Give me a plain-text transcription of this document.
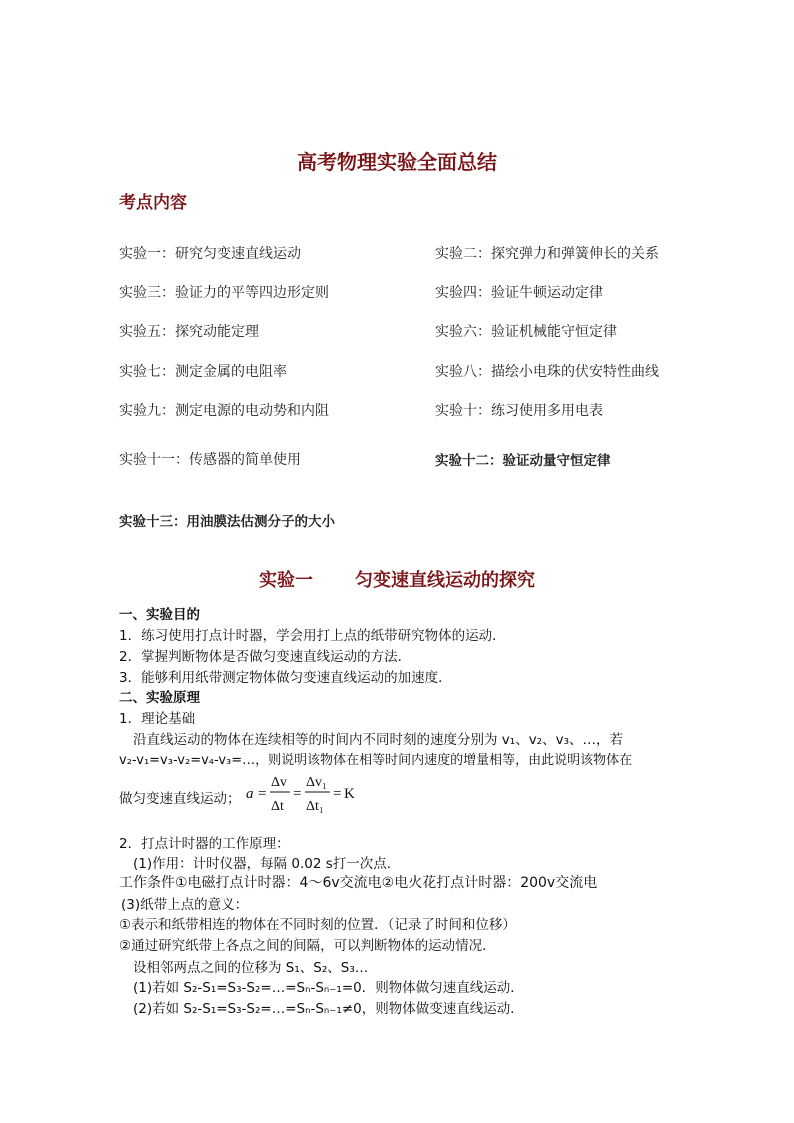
高考物理实验全面总结
考点内容
实验一：研究匀变速直线运动	实验二：探究弹力和弹簧伸长的关系
实验三：验证力的平等四边形定则	实验四：验证牛顿运动定律
实验五：探究动能定理	实验六：验证机械能守恒定律
实验七：测定金属的电阻率	实验八：描绘小电珠的伏安特性曲线
实验九：测定电源的电动势和内阻	实验十：练习使用多用电表
实验十一：传感器的简单使用	实验十二：验证动量守恒定律
实验十三：用油膜法估测分子的大小
实验一 匀变速直线运动的探究
一、实验目的
1．练习使用打点计时器，学会用打上点的纸带研究物体的运动．
2．掌握判断物体是否做匀变速直线运动的方法．
3．能够利用纸带测定物体做匀变速直线运动的加速度．
二、实验原理
1．理论基础
沿直线运动的物体在连续相等的时间内不同时刻的速度分别为 v₁、v₂、v₃、…，若
v₂-v₁=v₃-v₂=v₄-v₃=…，则说明该物体在相等时间内速度的增量相等，由此说明该物体在
做匀变速直线运动； a =
Δv
Δt
=
Δv₁
Δt₁
= K
2．打点计时器的工作原理：
(1)作用：计时仪器，每隔 0.02 s打一次点．
工作条件①电磁打点计时器：4～6v交流电②电火花打点计时器：200v交流电
(3)纸带上点的意义：
①表示和纸带相连的物体在不同时刻的位置．（记录了时间和位移）
②通过研究纸带上各点之间的间隔，可以判断物体的运动情况．
设相邻两点之间的位移为 S₁、S₂、S₃…
(1)若如 S₂-S₁=S₃-S₂=…=Sₙ-Sₙ₋₁=0．则物体做匀速直线运动．
(2)若如 S₂-S₁=S₃-S₂=…=Sₙ-Sₙ₋₁≠0，则物体做变速直线运动．
